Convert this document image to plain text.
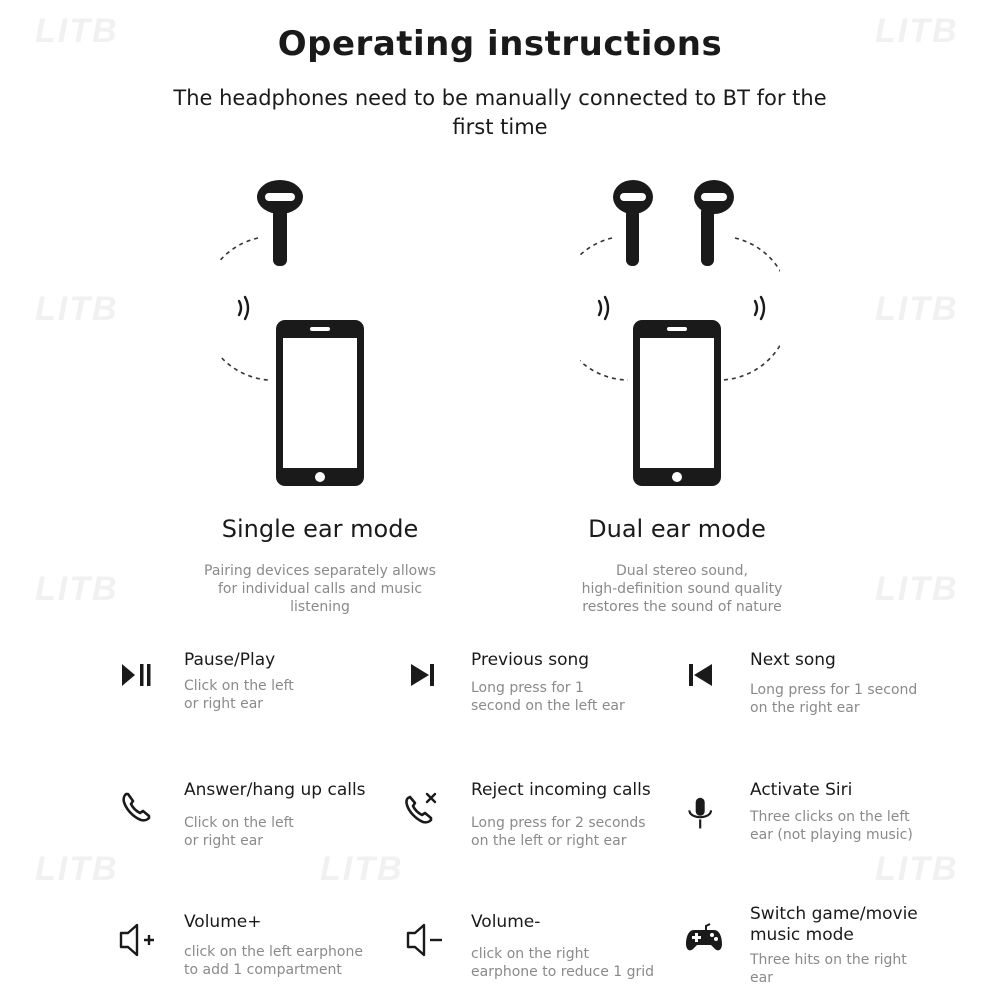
LITB	LITB
LITB	LITB
LITB	LITB
LITB	LITB	LITB
Operating instructions
The headphones need to be manually connected to BT for the first time
Single ear mode
Pairing devices separately allows
for individual calls and music
listening
Dual ear mode
Dual stereo sound,
high-definition sound quality
restores the sound of nature
Pause/Play
Click on the left
or right ear
Previous song
Long press for 1
second on the left ear
Next song
Long press for 1 second
on the right ear
Answer/hang up calls
Click on the left
or right ear
Reject incoming calls
Long press for 2 seconds
on the left or right ear
Activate Siri
Three clicks on the left
ear (not playing music)
Volume+
click on the left earphone
to add 1 compartment
Volume-
click on the right
earphone to reduce 1 grid
Switch game/movie
music mode
Three hits on the right
ear
